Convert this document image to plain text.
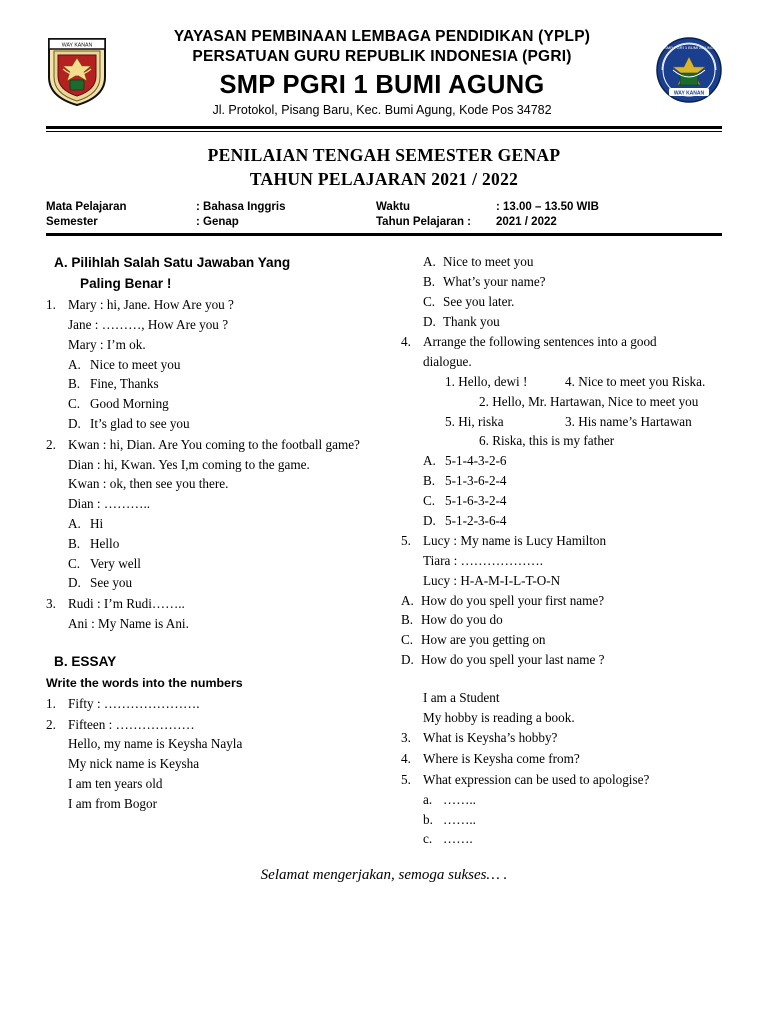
WAY KANAN
YAYASAN PEMBINAAN LEMBAGA PENDIDIKAN (YPLP)
PERSATUAN GURU REPUBLIK INDONESIA (PGRI)
SMP PGRI 1 BUMI AGUNG
Jl. Protokol, Pisang Baru, Kec. Bumi Agung, Kode Pos 34782
SMP PGRI 1 BUMI AGUNG
WAY KANAN
PENILAIAN TENGAH SEMESTER GENAP
TAHUN PELAJARAN 2021 / 2022
Mata Pelajaran	: Bahasa Inggris	Waktu	: 13.00 – 13.50 WIB
Semester	: Genap	Tahun Pelajaran :	2021 / 2022
A. Pilihlah Salah Satu Jawaban Yang
Paling Benar !
1. Mary : hi, Jane. How Are you ?
Jane : ………, How Are you ?
Mary : I’m ok.
A. Nice to meet you
B. Fine, Thanks
C. Good Morning
D. It’s glad to see you
2. Kwan : hi, Dian. Are You coming to the football game?
Dian : hi, Kwan. Yes I,m coming to the game.
Kwan : ok, then see you there.
Dian : ………..
A. Hi
B. Hello
C. Very well
D. See you
3. Rudi : I’m Rudi……..
Ani : My Name is Ani.
B. ESSAY
Write the words into the numbers
1. Fifty : ………………….
2. Fifteen : ………………
Hello, my name is Keysha Nayla
My nick name is Keysha
I am ten years old
I am from Bogor
A. Nice to meet you
B. What’s your name?
C. See you later.
D. Thank you
4. Arrange the following sentences into a good
dialogue.
1. Hello, dewi !	4. Nice to meet you Riska.
2. Hello, Mr. Hartawan, Nice to meet you
5. Hi, riska	3. His name’s Hartawan
6. Riska, this is my father
A. 5-1-4-3-2-6
B. 5-1-3-6-2-4
C. 5-1-6-3-2-4
D. 5-1-2-3-6-4
5. Lucy : My name is Lucy Hamilton
Tiara : ……………….
Lucy : H-A-M-I-L-T-O-N
A. How do you spell your first name?
B. How do you do
C. How are you getting on
D. How do you spell your last name ?
I am a Student
My hobby is reading a book.
3. What is Keysha’s hobby?
4. Where is Keysha come from?
5. What expression can be used to apologise?
a. ……..
b. ……..
c. …….
Selamat mengerjakan, semoga sukses… .
